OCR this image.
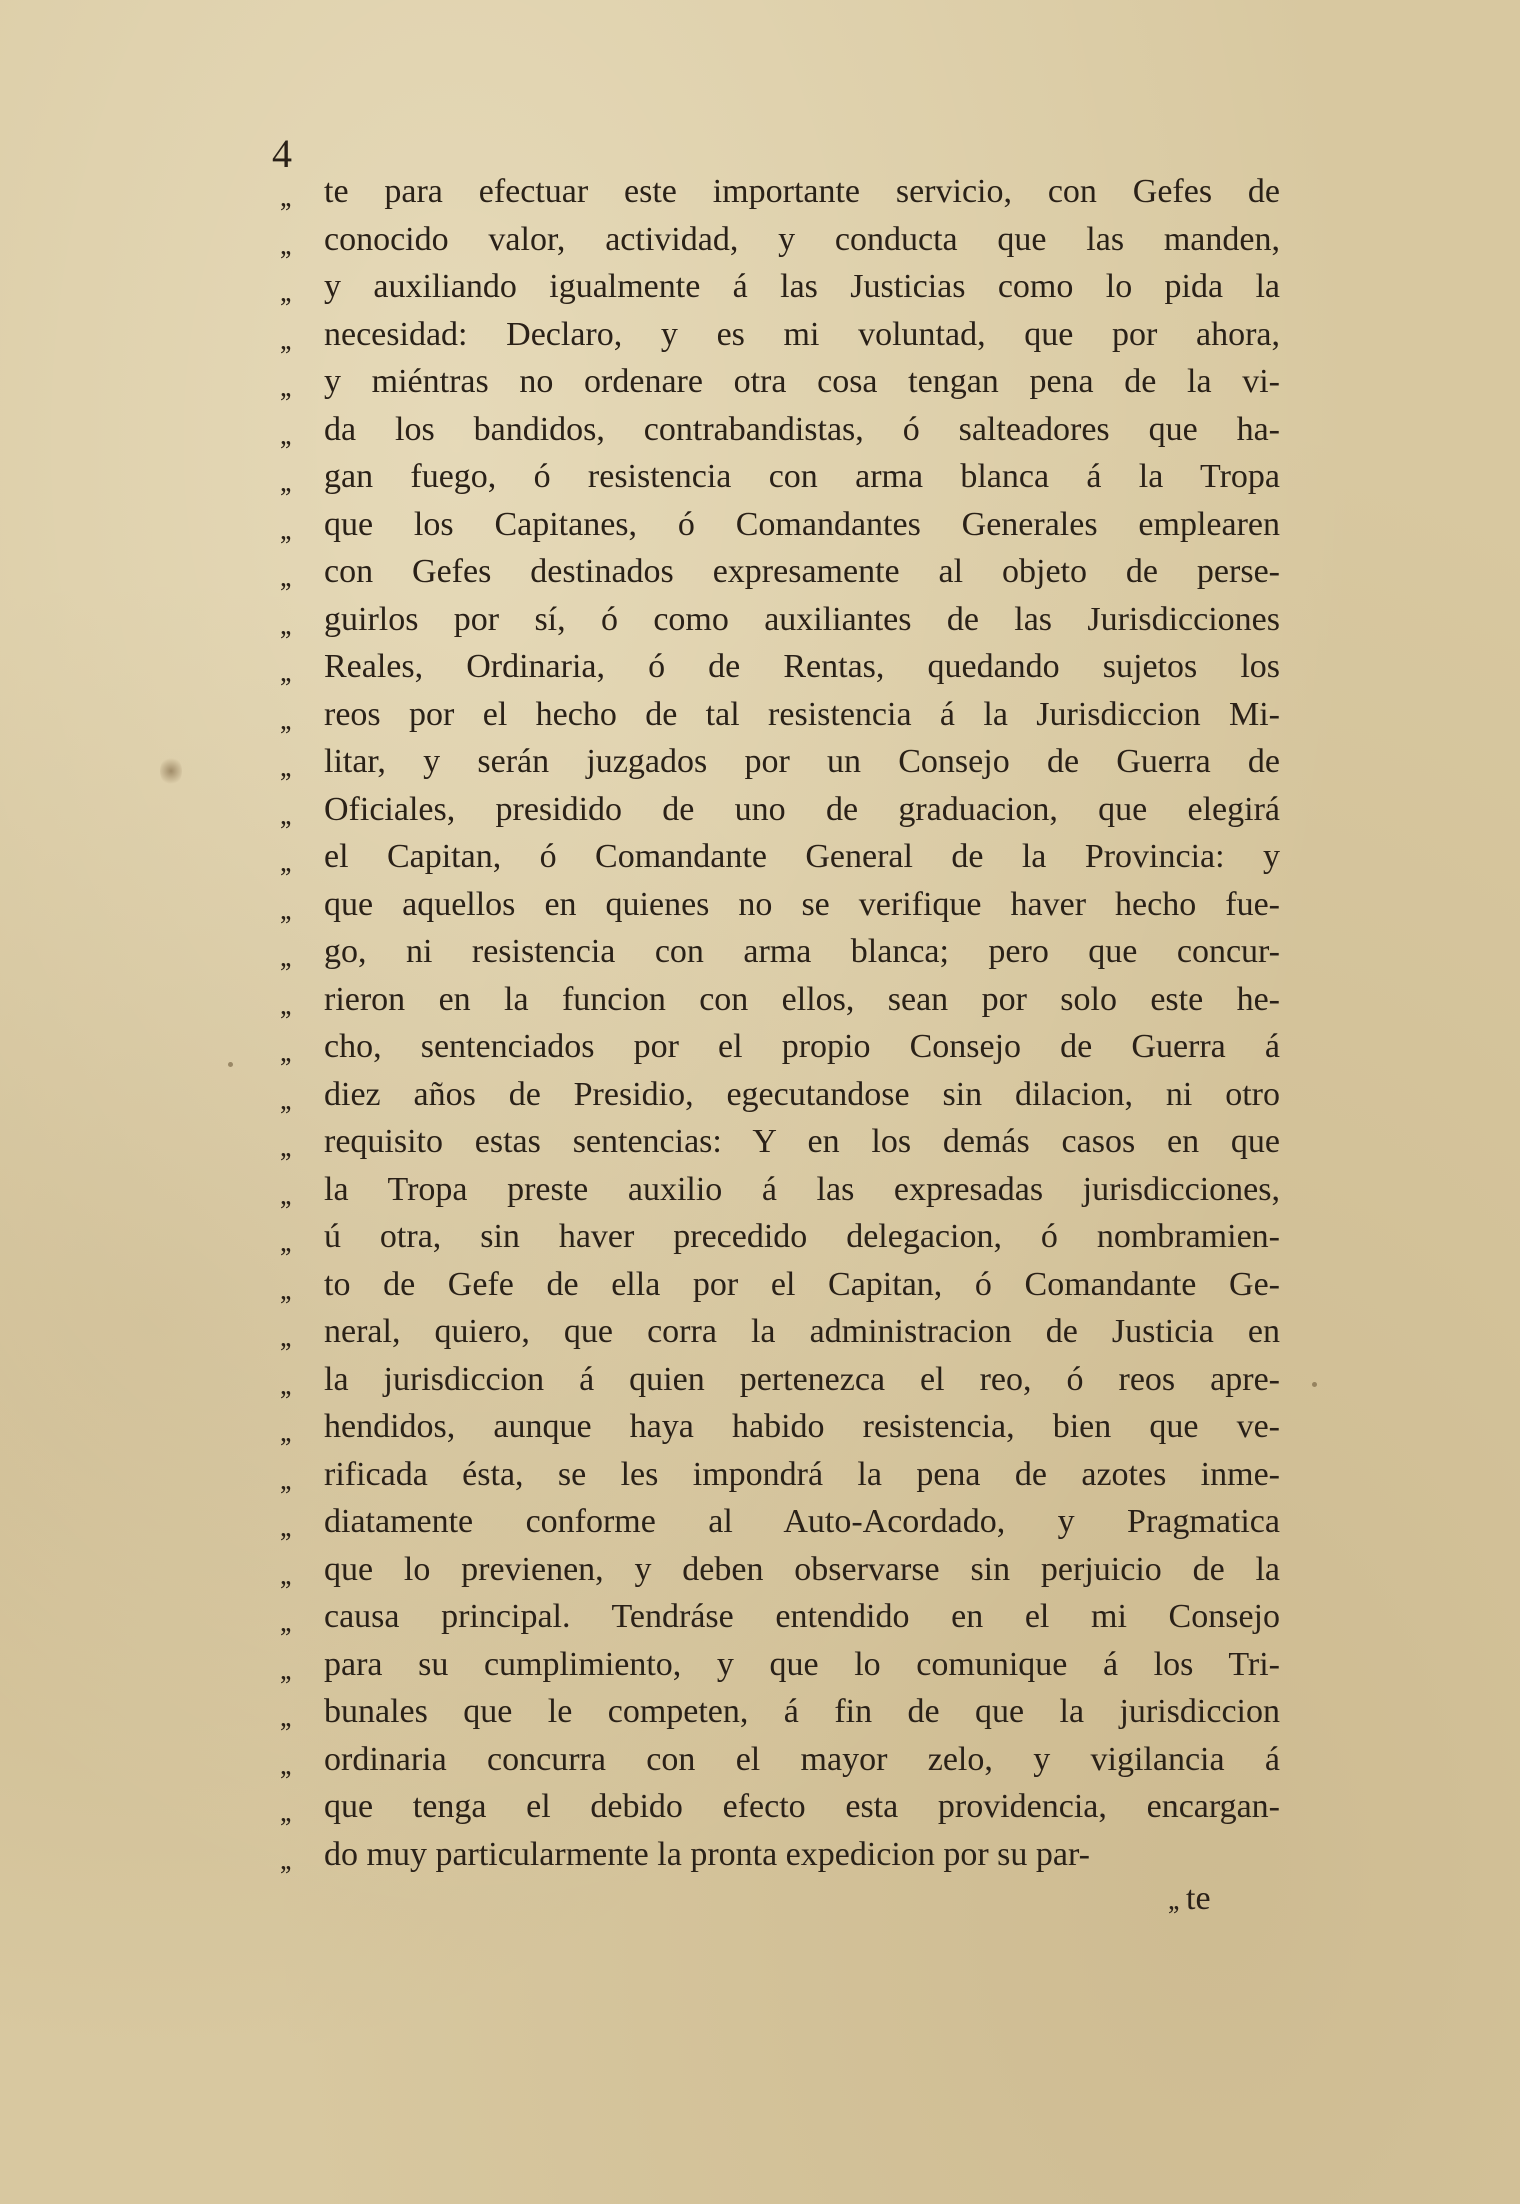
4
,, te para efectuar este importante servicio, con Gefes de
,, conocido valor, actividad, y conducta que las manden,
,, y auxiliando igualmente á las Justicias como lo pida la
,, necesidad: Declaro, y es mi voluntad, que por ahora,
,, y miéntras no ordenare otra cosa tengan pena de la vi-
,, da los bandidos, contrabandistas, ó salteadores que ha-
,, gan fuego, ó resistencia con arma blanca á la Tropa
,, que los Capitanes, ó Comandantes Generales emplearen
,, con Gefes destinados expresamente al objeto de perse-
,, guirlos por sí, ó como auxiliantes de las Jurisdicciones
,, Reales, Ordinaria, ó de Rentas, quedando sujetos los
,, reos por el hecho de tal resistencia á la Jurisdiccion Mi-
,, litar, y serán juzgados por un Consejo de Guerra de
,, Oficiales, presidido de uno de graduacion, que elegirá
,, el Capitan, ó Comandante General de la Provincia: y
,, que aquellos en quienes no se verifique haver hecho fue-
,, go, ni resistencia con arma blanca; pero que concur-
,, rieron en la funcion con ellos, sean por solo este he-
,, cho, sentenciados por el propio Consejo de Guerra á
,, diez años de Presidio, egecutandose sin dilacion, ni otro
,, requisito estas sentencias: Y en los demás casos en que
,, la Tropa preste auxilio á las expresadas jurisdicciones,
,, ú otra, sin haver precedido delegacion, ó nombramien-
,, to de Gefe de ella por el Capitan, ó Comandante Ge-
,, neral, quiero, que corra la administracion de Justicia en
,, la jurisdiccion á quien pertenezca el reo, ó reos apre-
,, hendidos, aunque haya habido resistencia, bien que ve-
,, rificada ésta, se les impondrá la pena de azotes inme-
,, diatamente conforme al Auto-Acordado, y Pragmatica
,, que lo previenen, y deben observarse sin perjuicio de la
,, causa principal. Tendráse entendido en el mi Consejo
,, para su cumplimiento, y que lo comunique á los Tri-
,, bunales que le competen, á fin de que la jurisdiccion
,, ordinaria concurra con el mayor zelo, y vigilancia á
,, que tenga el debido efecto esta providencia, encargan-
,, do muy particularmente la pronta expedicion por su par-
,, te
